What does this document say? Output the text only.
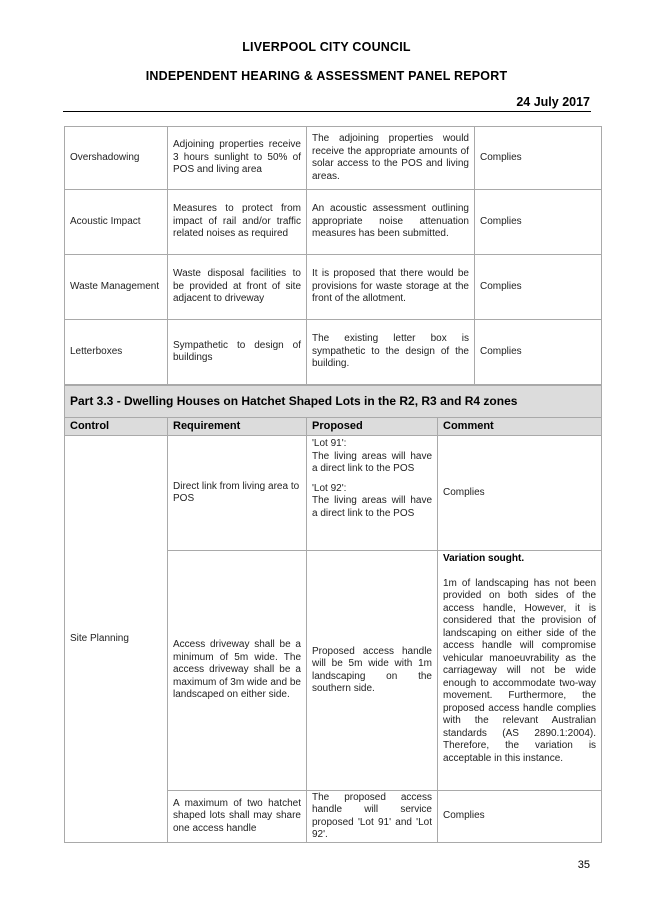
LIVERPOOL CITY COUNCIL
INDEPENDENT HEARING & ASSESSMENT PANEL REPORT
24 July 2017
Overshadowing	Adjoining properties receive 3 hours sunlight to 50% of POS and living area	The adjoining properties would receive the appropriate amounts of solar access to the POS and living areas.	Complies
Acoustic Impact	Measures to protect from impact of rail and/or traffic related noises as required	An acoustic assessment outlining appropriate noise attenuation measures has been submitted.	Complies
Waste Management	Waste disposal facilities to be provided at front of site adjacent to driveway	It is proposed that there would be provisions for waste storage at the front of the allotment.	Complies
Letterboxes	Sympathetic to design of buildings	The existing letter box is sympathetic to the design of the building.	Complies
Part 3.3 - Dwelling Houses on Hatchet Shaped Lots in the R2, R3 and R4 zones			
Control	Requirement	Proposed	Comment
Site Planning	Direct link from living area to POS	'Lot 91':
The living areas will have a direct link to the POS
'Lot 92':
The living areas will have a direct link to the POS	Complies
	Access driveway shall be a minimum of 5m wide. The access driveway shall be a maximum of 3m wide and be landscaped on either side.	Proposed access handle will be 5m wide with 1m landscaping on the southern side.	Variation sought.
1m of landscaping has not been provided on both sides of the access handle, However, it is considered that the provision of landscaping on either side of the access handle will compromise vehicular manoeuvrability as the carriageway will not be wide enough to accommodate two-way movement. Furthermore, the proposed access handle complies with the relevant Australian standards (AS 2890.1:2004). Therefore, the variation is acceptable in this instance.

	A maximum of two hatchet shaped lots shall may share one access handle	The proposed access handle will service proposed 'Lot 91' and 'Lot 92'.	Complies
35
